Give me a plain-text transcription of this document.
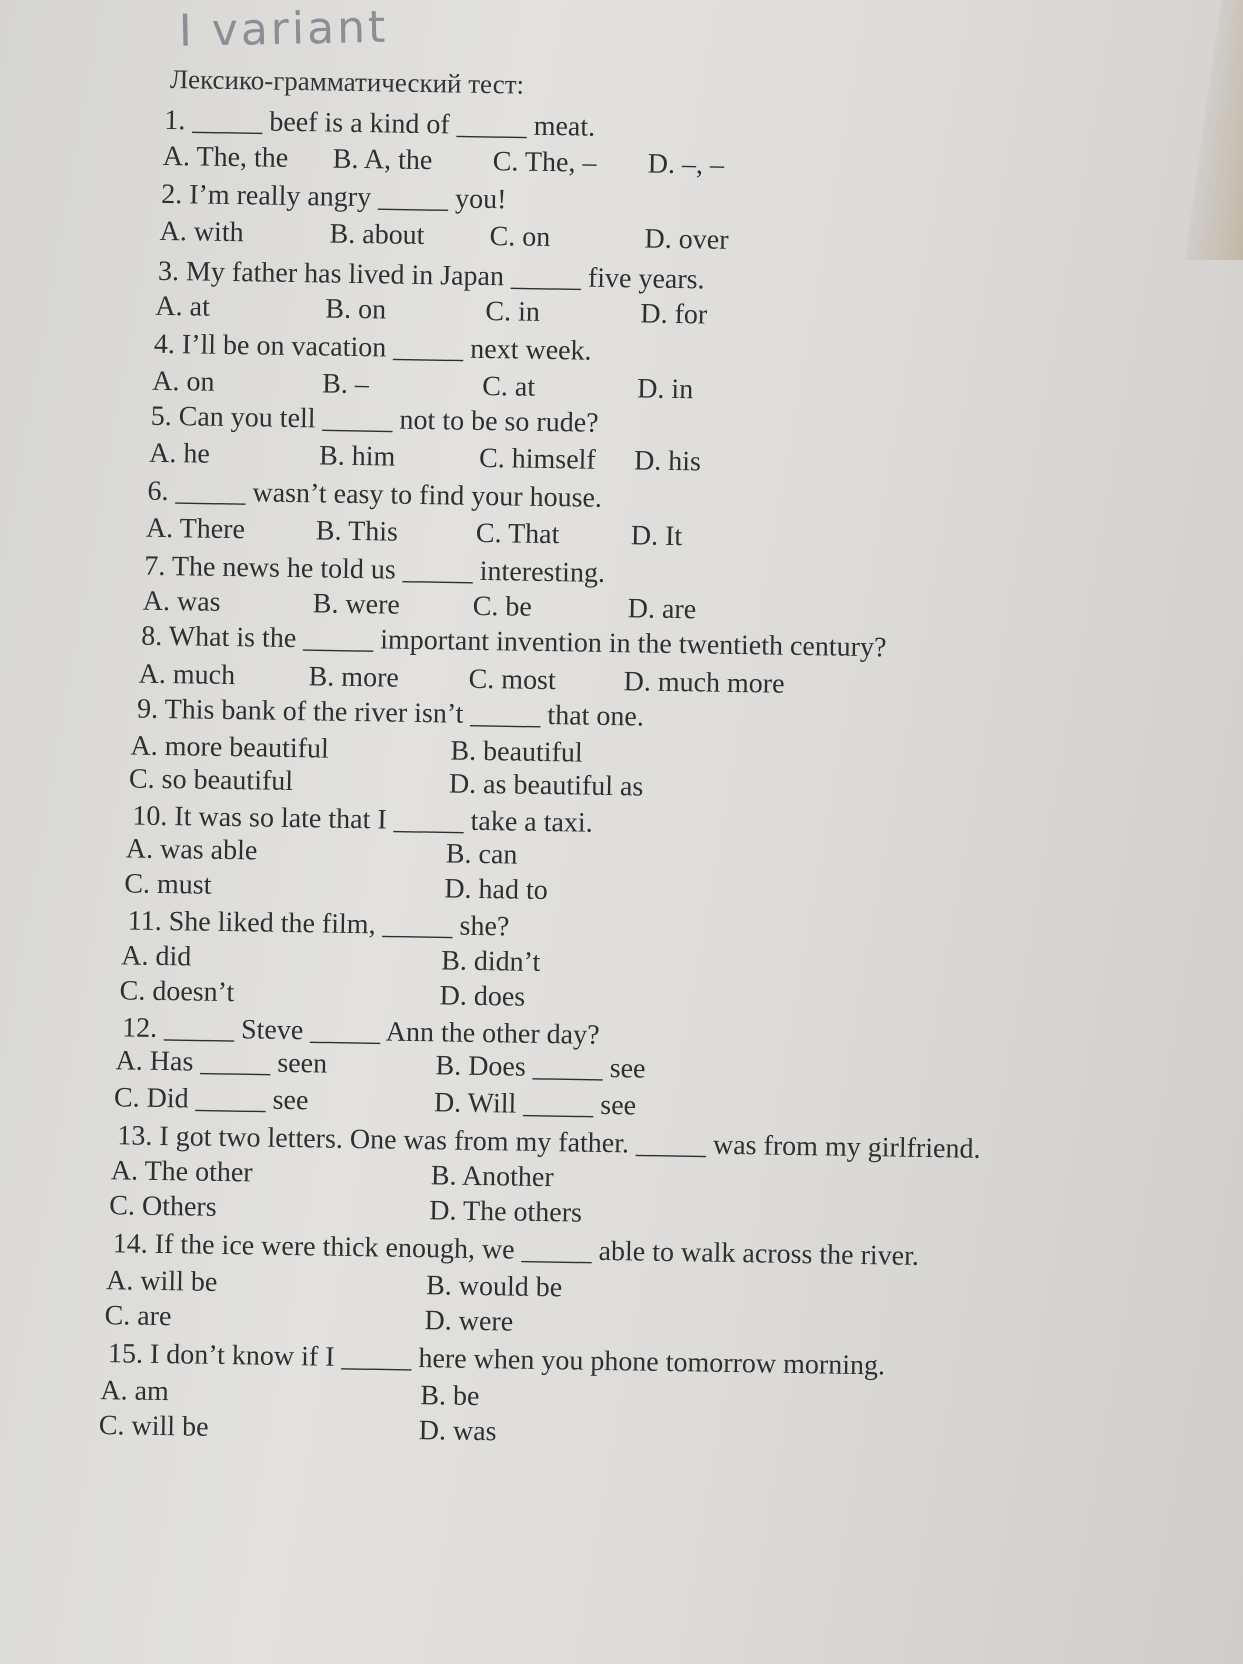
I variant
Лексико-грамматический тест:
1. _____ beef is a kind of _____ meat.
A. The, the B. A, the C. The, – D. –, –
2. I’m really angry _____ you!
A. with	B. about C. on	D. over
3. My father has lived in Japan _____ five years.
A. at	B. on	C. in	D. for
4. I’ll be on vacation _____ next week.
A. on	B. –	C. at	D. in
5. Can you tell _____ not to be so rude?
A. he	B. him	C. himself D. his
6. _____ wasn’t easy to find your house.
A. There	B. This	C. That	D. It
7. The news he told us _____ interesting.
A. was	B. were	C. be	D. are
8. What is the _____ important invention in the twentieth century?
A. much	B. more C. most D. much more
9. This bank of the river isn’t _____ that one.
A. more beautiful	B. beautiful
C. so beautiful	D. as beautiful as
10. It was so late that I _____ take a taxi.
A. was able	B. can
C. must	D. had to
11. She liked the film, _____ she?
A. did	B. didn’t
C. doesn’t	D. does
12. _____ Steve _____ Ann the other day?
A. Has _____ seen	B. Does _____ see
C. Did _____ see	D. Will _____ see
13. I got two letters. One was from my father. _____ was from my girlfriend.
A. The other	B. Another
C. Others	D. The others
14. If the ice were thick enough, we _____ able to walk across the river.
A. will be	B. would be
C. are	D. were
15. I don’t know if I _____ here when you phone tomorrow morning.
A. am	B. be
C. will be	D. was
